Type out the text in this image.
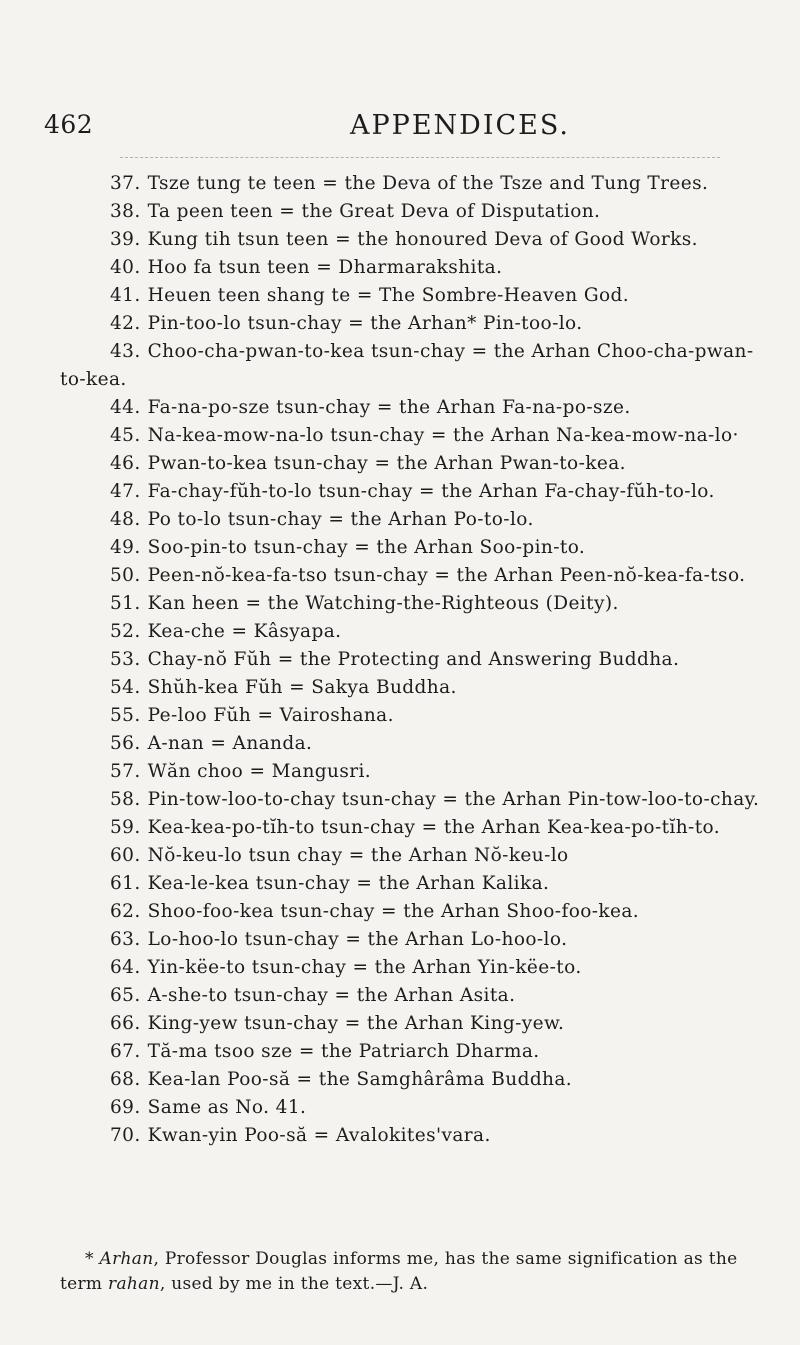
462	APPENDICES.
37. Tsze tung te teen = the Deva of the Tsze and Tung Trees.
38. Ta peen teen = the Great Deva of Disputation.
39. Kung tih tsun teen = the honoured Deva of Good Works.
40. Hoo fa tsun teen = Dharmarakshita.
41. Heuen teen shang te = The Sombre-Heaven God.
42. Pin-too-lo tsun-chay = the Arhan* Pin-too-lo.
43. Choo-cha-pwan-to-kea tsun-chay = the Arhan Choo-cha-pwan-to-kea.
44. Fa-na-po-sze tsun-chay = the Arhan Fa-na-po-sze.
45. Na-kea-mow-na-lo tsun-chay = the Arhan Na-kea-mow-na-lo·
46. Pwan-to-kea tsun-chay = the Arhan Pwan-to-kea.
47. Fa-chay-fŭh-to-lo tsun-chay = the Arhan Fa-chay-fŭh-to-lo.
48. Po to-lo tsun-chay = the Arhan Po-to-lo.
49. Soo-pin-to tsun-chay = the Arhan Soo-pin-to.
50. Peen-nŏ-kea-fa-tso tsun-chay = the Arhan Peen-nŏ-kea-fa-tso.
51. Kan heen = the Watching-the-Righteous (Deity).
52. Kea-che = Kâsyapa.
53. Chay-nŏ Fŭh = the Protecting and Answering Buddha.
54. Shŭh-kea Fŭh = Sakya Buddha.
55. Pe-loo Fŭh = Vairoshana.
56. A-nan = Ananda.
57. Wăn choo = Mangusri.
58. Pin-tow-loo-to-chay tsun-chay = the Arhan Pin-tow-loo-to-chay.
59. Kea-kea-po-tĭh-to tsun-chay = the Arhan Kea-kea-po-tĭh-to.
60. Nŏ-keu-lo tsun chay = the Arhan Nŏ-keu-lo
61. Kea-le-kea tsun-chay = the Arhan Kalika.
62. Shoo-foo-kea tsun-chay = the Arhan Shoo-foo-kea.
63. Lo-hoo-lo tsun-chay = the Arhan Lo-hoo-lo.
64. Yin-këe-to tsun-chay = the Arhan Yin-këe-to.
65. A-she-to tsun-chay = the Arhan Asita.
66. King-yew tsun-chay = the Arhan King-yew.
67. Tă-ma tsoo sze = the Patriarch Dharma.
68. Kea-lan Poo-să = the Samghârâma Buddha.
69. Same as No. 41.
70. Kwan-yin Poo-să = Avalokites'vara.
* Arhan, Professor Douglas informs me, has the same signification as the term rahan, used by me in the text.—J. A.
